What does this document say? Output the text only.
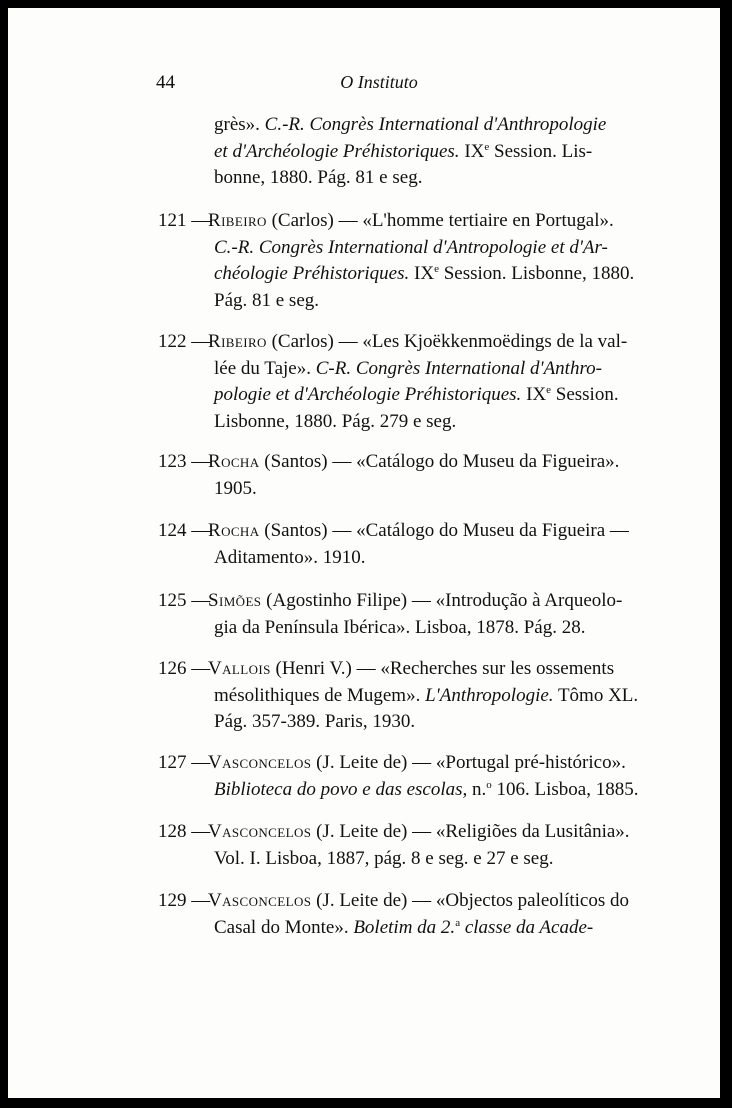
44	O Instituto
grès». C.-R. Congrès International d'Anthropologie
et d'Archéologie Préhistoriques. IXe Session. Lis-
bonne, 1880. Pág. 81 e seg.
121 —Ribeiro (Carlos) — «L'homme tertiaire en Portugal».
C.-R. Congrès International d'Antropologie et d'Ar-
chéologie Préhistoriques. IXe Session. Lisbonne, 1880.
Pág. 81 e seg.
122 —Ribeiro (Carlos) — «Les Kjoëkkenmoëdings de la val-
lée du Taje». C-R. Congrès International d'Anthro-
pologie et d'Archéologie Préhistoriques. IXe Session.
Lisbonne, 1880. Pág. 279 e seg.
123 —Rocha (Santos) — «Catálogo do Museu da Figueira».
1905.
124 —Rocha (Santos) — «Catálogo do Museu da Figueira —
Aditamento». 1910.
125 —Simões (Agostinho Filipe) — «Introdução à Arqueolo-
gia da Península Ibérica». Lisboa, 1878. Pág. 28.
126 —Vallois (Henri V.) — «Recherches sur les ossements
mésolithiques de Mugem». L'Anthropologie. Tômo XL.
Pág. 357-389. Paris, 1930.
127 —Vasconcelos (J. Leite de) — «Portugal pré-histórico».
Biblioteca do povo e das escolas, n.$^o$ 106. Lisboa, 1885.
128 —Vasconcelos (J. Leite de) — «Religiões da Lusitânia».
Vol. I. Lisboa, 1887, pág. 8 e seg. e 27 e seg.
129 —Vasconcelos (J. Leite de) — «Objectos paleolíticos do
Casal do Monte». Boletim da 2.$^a$ classe da Acade-
